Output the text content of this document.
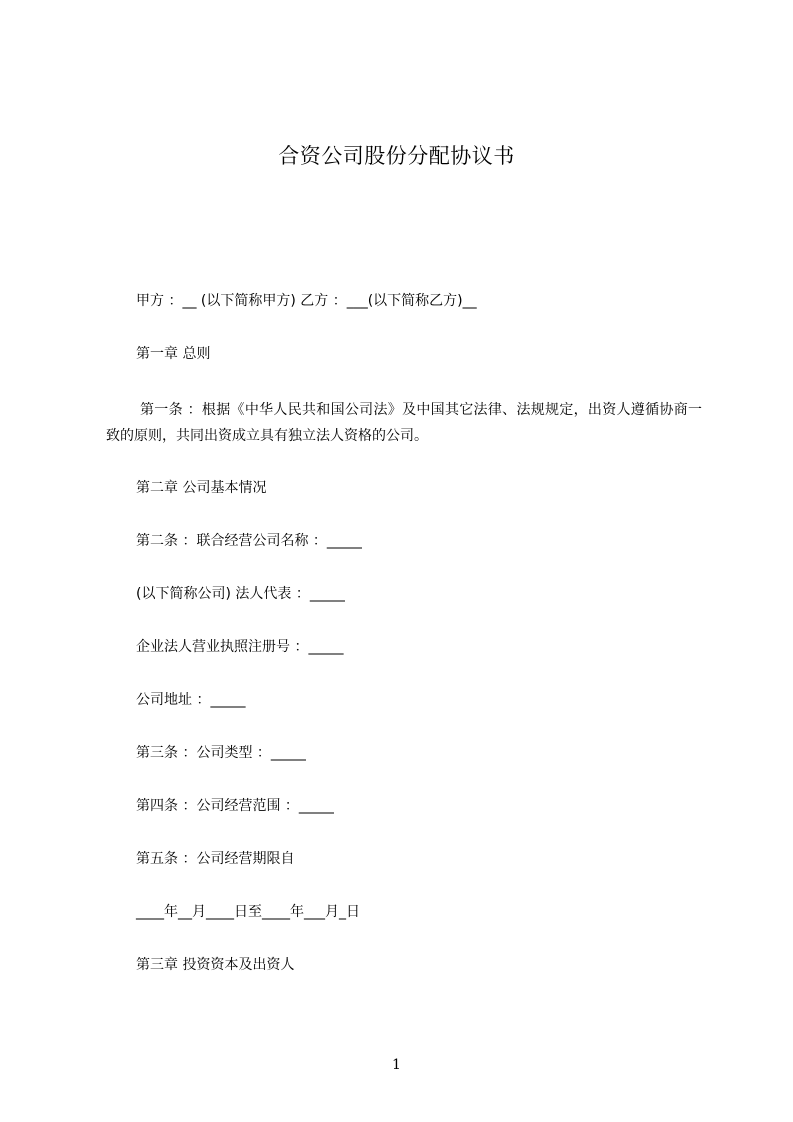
合资公司股份分配协议书
甲方 ：__ (以下简称甲方) 乙方 ：___(以下简称乙方)__
第一章 总则
第一条 ：根据《中华人民共和国公司法》及中国其它法律、法规规定，出资人遵循协商一致的原则，共同出资成立具有独立法人资格的公司。
第二章 公司基本情况
第二条 ：联合经营公司名称 ：_____
(以下简称公司) 法人代表 ：_____
企业法人营业执照注册号 ：_____
公司地址 ：_____
第三条 ：公司类型 ：_____
第四条 ：公司经营范围 ：_____
第五条 ：公司经营期限自
____年__月____日至____年___月_日
第三章 投资资本及出资人
1
